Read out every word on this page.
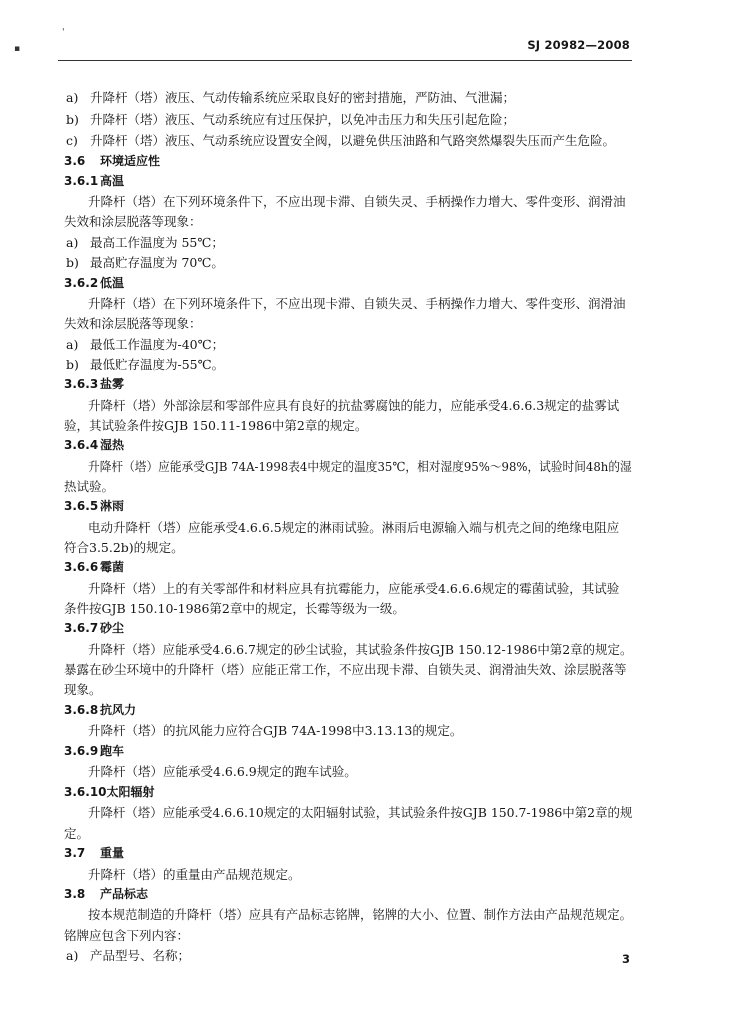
▪
'
SJ 20982—2008
a) 升降杆（塔）液压、气动传输系统应采取良好的密封措施，严防油、气泄漏；
b) 升降杆（塔）液压、气动系统应有过压保护，以免冲击压力和失压引起危险；
c) 升降杆（塔）液压、气动系统应设置安全阀，以避免供压油路和气路突然爆裂失压而产生危险。
3.6 环境适应性
3.6.1 高温
升降杆（塔）在下列环境条件下，不应出现卡滞、自锁失灵、手柄操作力增大、零件变形、润滑油
失效和涂层脱落等现象：
a) 最高工作温度为 55℃；
b) 最高贮存温度为 70℃。
3.6.2 低温
升降杆（塔）在下列环境条件下，不应出现卡滞、自锁失灵、手柄操作力增大、零件变形、润滑油
失效和涂层脱落等现象：
a) 最低工作温度为-40℃；
b) 最低贮存温度为-55℃。
3.6.3 盐雾
升降杆（塔）外部涂层和零部件应具有良好的抗盐雾腐蚀的能力，应能承受4.6.6.3规定的盐雾试
验，其试验条件按GJB 150.11-1986中第2章的规定。
3.6.4 湿热
升降杆（塔）应能承受GJB 74A-1998表4中规定的温度35℃，相对湿度95%～98%，试验时间48h的湿
热试验。
3.6.5 淋雨
电动升降杆（塔）应能承受4.6.6.5规定的淋雨试验。淋雨后电源输入端与机壳之间的绝缘电阻应
符合3.5.2b)的规定。
3.6.6 霉菌
升降杆（塔）上的有关零部件和材料应具有抗霉能力，应能承受4.6.6.6规定的霉菌试验，其试验
条件按GJB 150.10-1986第2章中的规定，长霉等级为一级。
3.6.7 砂尘
升降杆（塔）应能承受4.6.6.7规定的砂尘试验，其试验条件按GJB 150.12-1986中第2章的规定。
暴露在砂尘环境中的升降杆（塔）应能正常工作，不应出现卡滞、自锁失灵、润滑油失效、涂层脱落等
现象。
3.6.8 抗风力
升降杆（塔）的抗风能力应符合GJB 74A-1998中3.13.13的规定。
3.6.9 跑车
升降杆（塔）应能承受4.6.6.9规定的跑车试验。
3.6.10太阳辐射
升降杆（塔）应能承受4.6.6.10规定的太阳辐射试验，其试验条件按GJB 150.7-1986中第2章的规
定。
3.7 重量
升降杆（塔）的重量由产品规范规定。
3.8 产品标志
按本规范制造的升降杆（塔）应具有产品标志铭牌，铭牌的大小、位置、制作方法由产品规范规定。
铭牌应包含下列内容：
a) 产品型号、名称；	3
